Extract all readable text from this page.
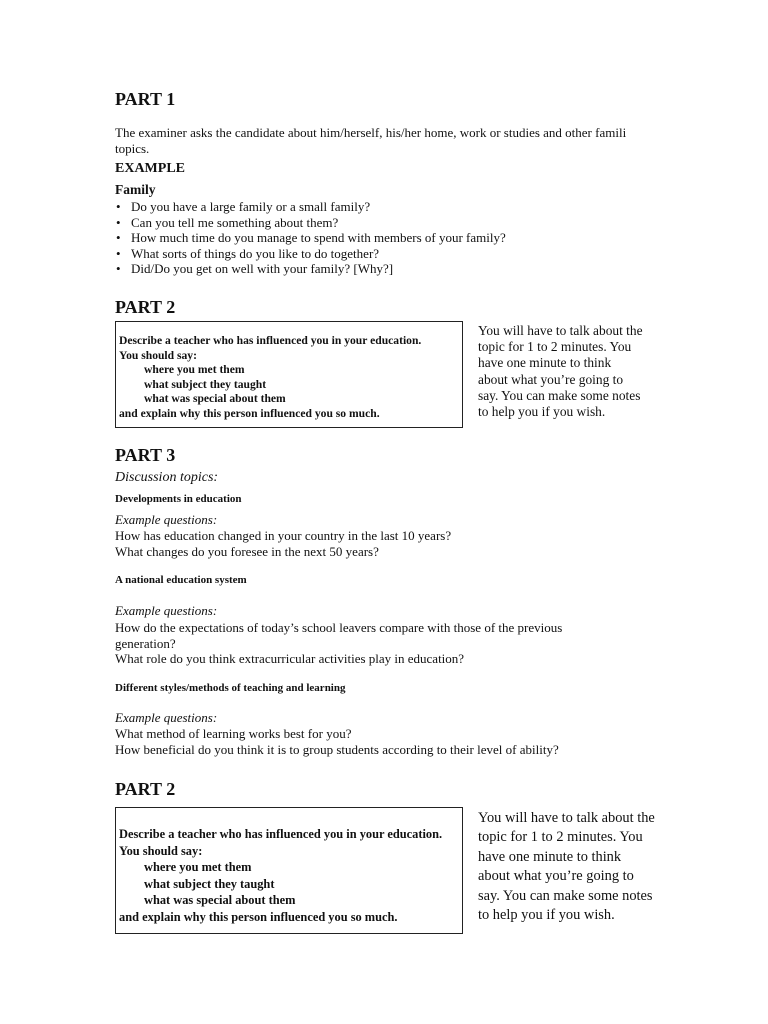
PART 1
The examiner asks the candidate about him/herself, his/her home, work or studies and other famili
topics.
EXAMPLE
Family
• Do you have a large family or a small family?
• Can you tell me something about them?
• How much time do you manage to spend with members of your family?
• What sorts of things do you like to do together?
• Did/Do you get on well with your family? [Why?]
PART 2
Describe a teacher who has influenced you in your education.
You should say:
where you met them
what subject they taught
what was special about them
and explain why this person influenced you so much.
You will have to talk about the
topic for 1 to 2 minutes. You
have one minute to think
about what you’re going to
say. You can make some notes
to help you if you wish.
PART 3
Discussion topics:
Developments in education
Example questions:
How has education changed in your country in the last 10 years?
What changes do you foresee in the next 50 years?
A national education system
Example questions:
How do the expectations of today’s school leavers compare with those of the previous
generation?
What role do you think extracurricular activities play in education?
Different styles/methods of teaching and learning
Example questions:
What method of learning works best for you?
How beneficial do you think it is to group students according to their level of ability?
PART 2
Describe a teacher who has influenced you in your education.
You should say:
where you met them
what subject they taught
what was special about them
and explain why this person influenced you so much.
You will have to talk about the
topic for 1 to 2 minutes. You
have one minute to think
about what you’re going to
say. You can make some notes
to help you if you wish.
